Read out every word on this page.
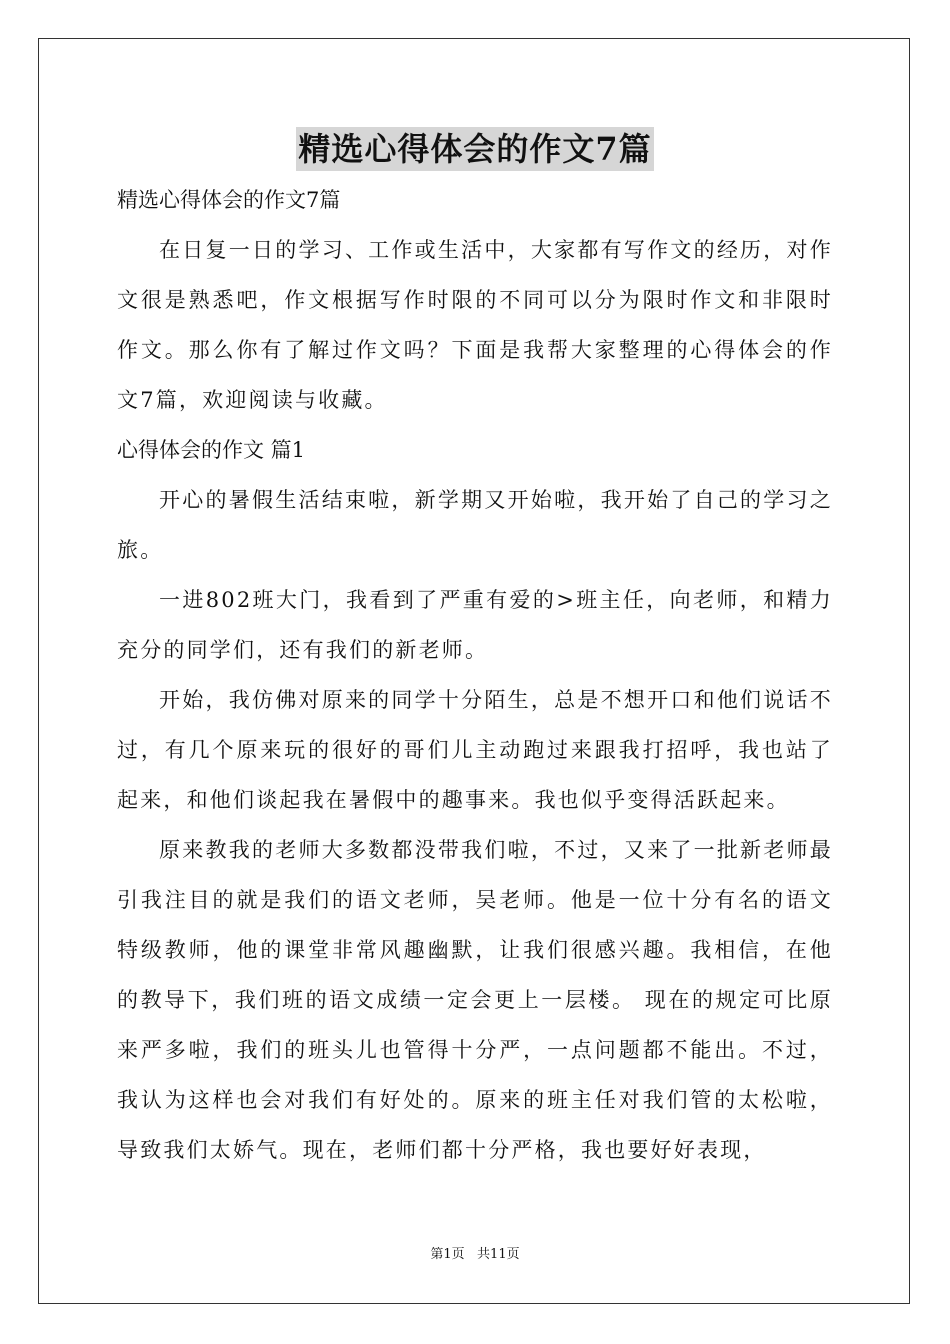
精选心得体会的作文7篇

精选心得体会的作文7篇

在日复一日的学习、工作或生活中，大家都有写作文的经历，对作文很是熟悉吧，作文根据写作时限的不同可以分为限时作文和非限时作文。那么你有了解过作文吗？下面是我帮大家整理的心得体会的作文7篇，欢迎阅读与收藏。

心得体会的作文 篇1

开心的暑假生活结束啦，新学期又开始啦，我开始了自己的学习之旅。

一进802班大门，我看到了严重有爱的>班主任，向老师，和精力充分的同学们，还有我们的新老师。

开始，我仿佛对原来的同学十分陌生，总是不想开口和他们说话不过，有几个原来玩的很好的哥们儿主动跑过来跟我打招呼，我也站了起来，和他们谈起我在暑假中的趣事来。我也似乎变得活跃起来。

原来教我的老师大多数都没带我们啦，不过，又来了一批新老师最引我注目的就是我们的语文老师，吴老师。他是一位十分有名的语文特级教师，他的课堂非常风趣幽默，让我们很感兴趣。我相信，在他的教导下，我们班的语文成绩一定会更上一层楼。 现在的规定可比原来严多啦，我们的班头儿也管得十分严，一点问题都不能出。不过，我认为这样也会对我们有好处的。原来的班主任对我们管的太松啦，导致我们太娇气。现在，老师们都十分严格，我也要好好表现，

第1页   共11页
